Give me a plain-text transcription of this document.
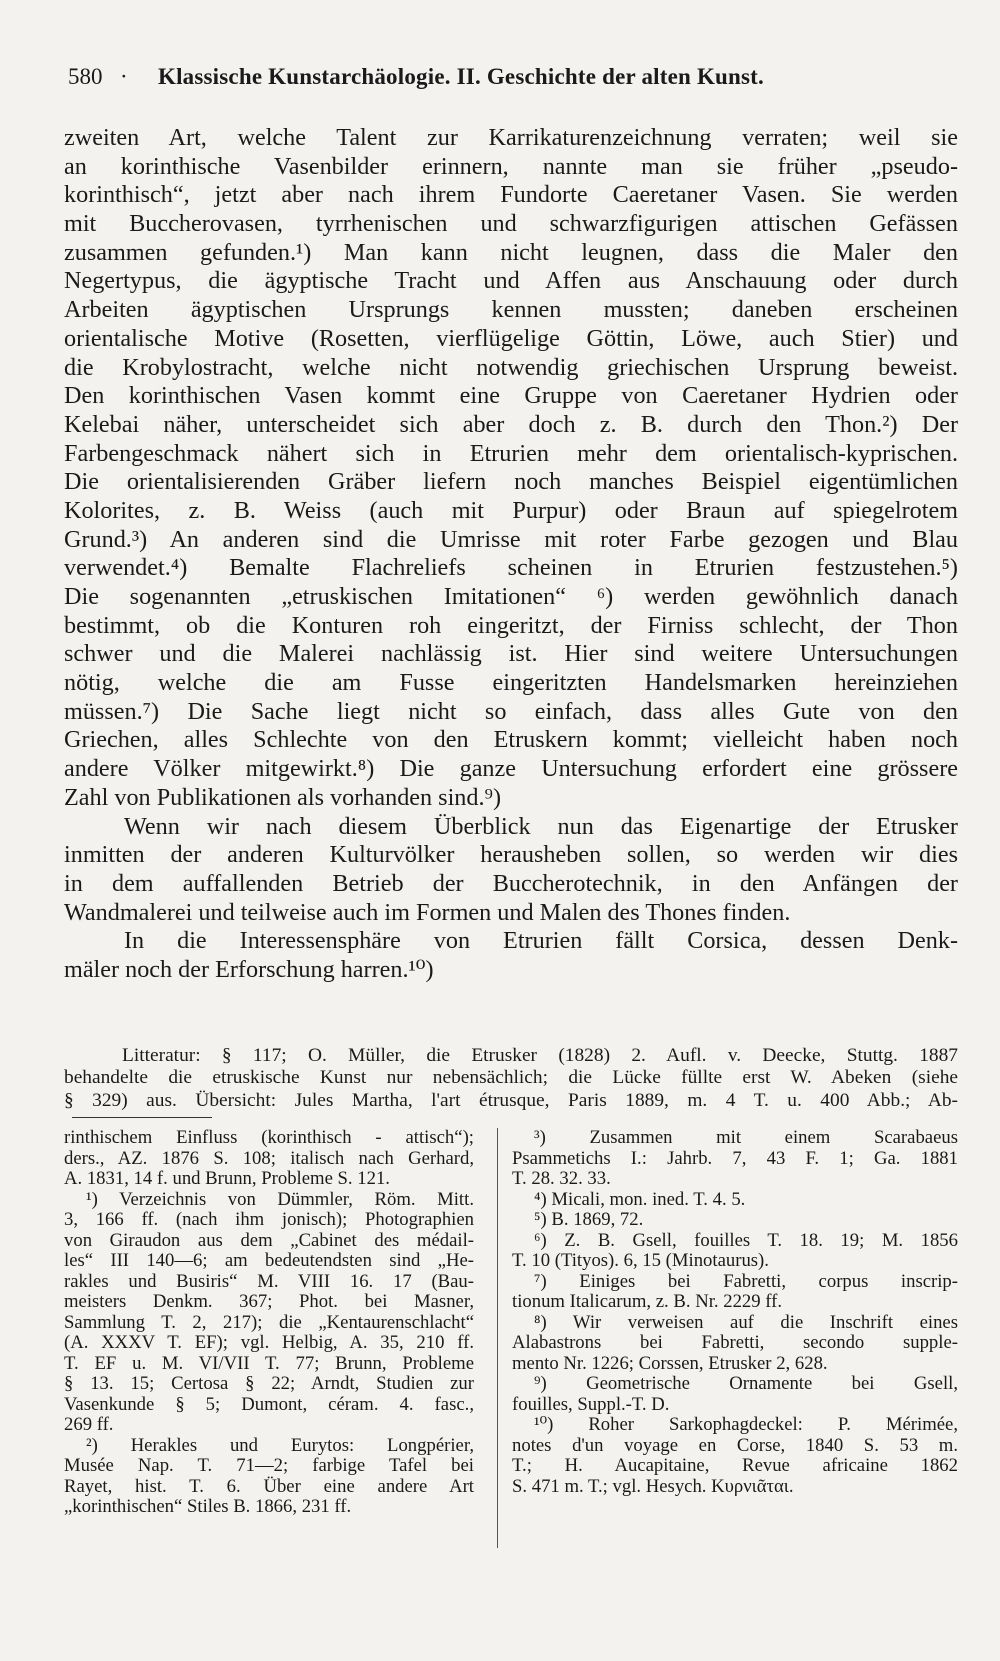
580 · Klassische Kunstarchäologie. II. Geschichte der alten Kunst.
zweiten Art, welche Talent zur Karrikaturenzeichnung verraten; weil sie
an korinthische Vasenbilder erinnern, nannte man sie früher „pseudo-
korinthisch“, jetzt aber nach ihrem Fundorte Caeretaner Vasen. Sie werden
mit Buccherovasen, tyrrhenischen und schwarzfigurigen attischen Gefässen
zusammen gefunden.¹) Man kann nicht leugnen, dass die Maler den
Negertypus, die ägyptische Tracht und Affen aus Anschauung oder durch
Arbeiten ägyptischen Ursprungs kennen mussten; daneben erscheinen
orientalische Motive (Rosetten, vierflügelige Göttin, Löwe, auch Stier) und
die Krobylostracht, welche nicht notwendig griechischen Ursprung beweist.
Den korinthischen Vasen kommt eine Gruppe von Caeretaner Hydrien oder
Kelebai näher, unterscheidet sich aber doch z. B. durch den Thon.²) Der
Farbengeschmack nähert sich in Etrurien mehr dem orientalisch-kyprischen.
Die orientalisierenden Gräber liefern noch manches Beispiel eigentümlichen
Kolorites, z. B. Weiss (auch mit Purpur) oder Braun auf spiegelrotem
Grund.³) An anderen sind die Umrisse mit roter Farbe gezogen und Blau
verwendet.⁴) Bemalte Flachreliefs scheinen in Etrurien festzustehen.⁵)
Die sogenannten „etruskischen Imitationen“ ⁶) werden gewöhnlich danach
bestimmt, ob die Konturen roh eingeritzt, der Firniss schlecht, der Thon
schwer und die Malerei nachlässig ist. Hier sind weitere Untersuchungen
nötig, welche die am Fusse eingeritzten Handelsmarken hereinziehen
müssen.⁷) Die Sache liegt nicht so einfach, dass alles Gute von den
Griechen, alles Schlechte von den Etruskern kommt; vielleicht haben noch
andere Völker mitgewirkt.⁸) Die ganze Untersuchung erfordert eine grössere
Zahl von Publikationen als vorhanden sind.⁹)
Wenn wir nach diesem Überblick nun das Eigenartige der Etrusker
inmitten der anderen Kulturvölker herausheben sollen, so werden wir dies
in dem auffallenden Betrieb der Buccherotechnik, in den Anfängen der
Wandmalerei und teilweise auch im Formen und Malen des Thones finden.
In die Interessensphäre von Etrurien fällt Corsica, dessen Denk-
mäler noch der Erforschung harren.¹⁰)
Litteratur: § 117; O. Müller, die Etrusker (1828) 2. Aufl. v. Deecke, Stuttg. 1887
behandelte die etruskische Kunst nur nebensächlich; die Lücke füllte erst W. Abeken (siehe
§ 329) aus. Übersicht: Jules Martha, l'art étrusque, Paris 1889, m. 4 T. u. 400 Abb.; Ab-
rinthischem Einfluss (korinthisch - attisch“);
ders., AZ. 1876 S. 108; italisch nach Gerhard,
A. 1831, 14 f. und Brunn, Probleme S. 121.
¹) Verzeichnis von Dümmler, Röm. Mitt.
3, 166 ff. (nach ihm jonisch); Photographien
von Giraudon aus dem „Cabinet des médail-
les“ III 140—6; am bedeutendsten sind „He-
rakles und Busiris“ M. VIII 16. 17 (Bau-
meisters Denkm. 367; Phot. bei Masner,
Sammlung T. 2, 217); die „Kentaurenschlacht“
(A. XXXV T. EF); vgl. Helbig, A. 35, 210 ff.
T. EF u. M. VI/VII T. 77; Brunn, Probleme
§ 13. 15; Certosa § 22; Arndt, Studien zur
Vasenkunde § 5; Dumont, céram. 4. fasc.,
269 ff.
²) Herakles und Eurytos: Longpérier,
Musée Nap. T. 71—2; farbige Tafel bei
Rayet, hist. T. 6. Über eine andere Art
„korinthischen“ Stiles B. 1866, 231 ff.
³) Zusammen mit einem Scarabaeus
Psammetichs I.: Jahrb. 7, 43 F. 1; Ga. 1881
T. 28. 32. 33.
⁴) Micali, mon. ined. T. 4. 5.
⁵) B. 1869, 72.
⁶) Z. B. Gsell, fouilles T. 18. 19; M. 1856
T. 10 (Tityos). 6, 15 (Minotaurus).
⁷) Einiges bei Fabretti, corpus inscrip-
tionum Italicarum, z. B. Nr. 2229 ff.
⁸) Wir verweisen auf die Inschrift eines
Alabastrons bei Fabretti, secondo supple-
mento Nr. 1226; Corssen, Etrusker 2, 628.
⁹) Geometrische Ornamente bei Gsell,
fouilles, Suppl.-T. D.
¹⁰) Roher Sarkophagdeckel: P. Mérimée,
notes d'un voyage en Corse, 1840 S. 53 m.
T.; H. Aucapitaine, Revue africaine 1862
S. 471 m. T.; vgl. Hesych. Κυρνιᾶται.
